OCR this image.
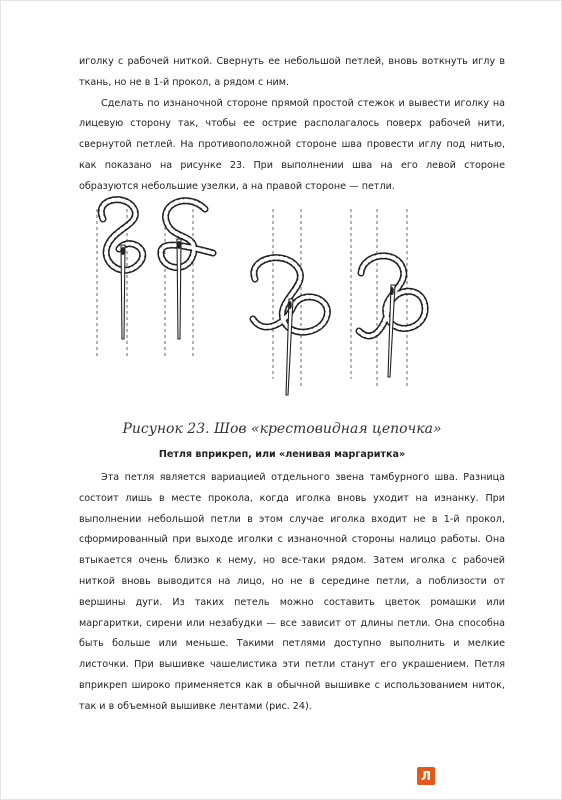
иголку с рабочей ниткой. Свернуть ее небольшой петлей, вновь воткнуть иглу в ткань, но не в 1-й прокол, а рядом с ним.

Сделать по изнаночной стороне прямой простой стежок и вывести иголку на лицевую сторону так, чтобы ее острие располагалось поверх рабочей нити, свернутой петлей. На противоположной стороне шва провести иглу под нитью, как показано на рисунке 23. При выполнении шва на его левой стороне образуются небольшие узелки, а на правой стороне — петли.

Рисунок 23. Шов «крестовидная цепочка»
Петля вприкреп, или «ленивая маргаритка»

Эта петля является вариацией отдельного звена тамбурного шва. Разница состоит лишь в месте прокола, когда иголка вновь уходит на изнанку. При выполнении небольшой петли в этом случае иголка входит не в 1-й прокол, сформированный при выходе иголки с изнаночной стороны налицо работы. Она втыкается очень близко к нему, но все-таки рядом. Затем иголка с рабочей ниткой вновь выводится на лицо, но не в середине петли, а поблизости от вершины дуги. Из таких петель можно составить цветок ромашки или маргаритки, сирени или незабудки — все зависит от длины петли. Она способна быть больше или меньше. Такими петлями доступно выполнить и мелкие листочки. При вышивке чашелистика эти петли станут его украшением. Петля вприкреп широко применяется как в обычной вышивке с использованием ниток, так и в объемной вышивке лентами (рис. 24).

Л
